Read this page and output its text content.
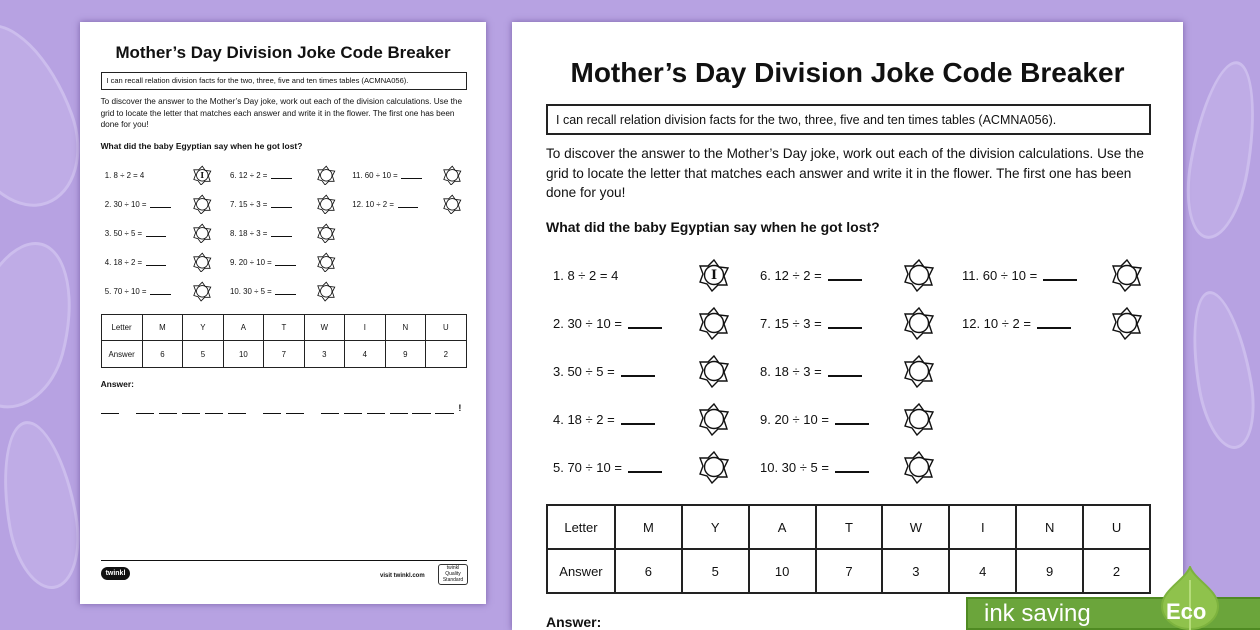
Mother’s Day Division Joke Code Breaker
I can recall relation division facts for the two, three, five and ten times tables (ACMNA056).
To discover the answer to the Mother’s Day joke, work out each of the division calculations. Use the grid to locate the letter that matches each answer and write it in the flower. The first one has been done for you!
What did the baby Egyptian say when he got lost?
1. 8 ÷ 2 = 4	I
2. 30 ÷ 10 =
3. 50 ÷ 5 =
4. 18 ÷ 2 =
5. 70 ÷ 10 =
6. 12 ÷ 2 =
7. 15 ÷ 3 =
8. 18 ÷ 3 =
9. 20 ÷ 10 =
10. 30 ÷ 5 =
11. 60 ÷ 10 =
12. 10 ÷ 2 =
Letter	M	Y	A	T	W	I	N	U
Answer	6	5	10	7	3	4	9	2
Answer:
!
twinkl	visit twinkl.com
twinkl Quality Standard
Mother’s Day Division Joke Code Breaker
I can recall relation division facts for the two, three, five and ten times tables (ACMNA056).
To discover the answer to the Mother’s Day joke, work out each of the division calculations. Use the grid to locate the letter that matches each answer and write it in the flower. The first one has been done for you!
What did the baby Egyptian say when he got lost?
1. 8 ÷ 2 = 4	I
2. 30 ÷ 10 =
3. 50 ÷ 5 =
4. 18 ÷ 2 =
5. 70 ÷ 10 =
6. 12 ÷ 2 =
7. 15 ÷ 3 =
8. 18 ÷ 3 =
9. 20 ÷ 10 =
10. 30 ÷ 5 =
11. 60 ÷ 10 =
12. 10 ÷ 2 =
Letter	M	Y	A	T	W	I	N	U
Answer	6	5	10	7	3	4	9	2
Answer:	ink saving	Eco
